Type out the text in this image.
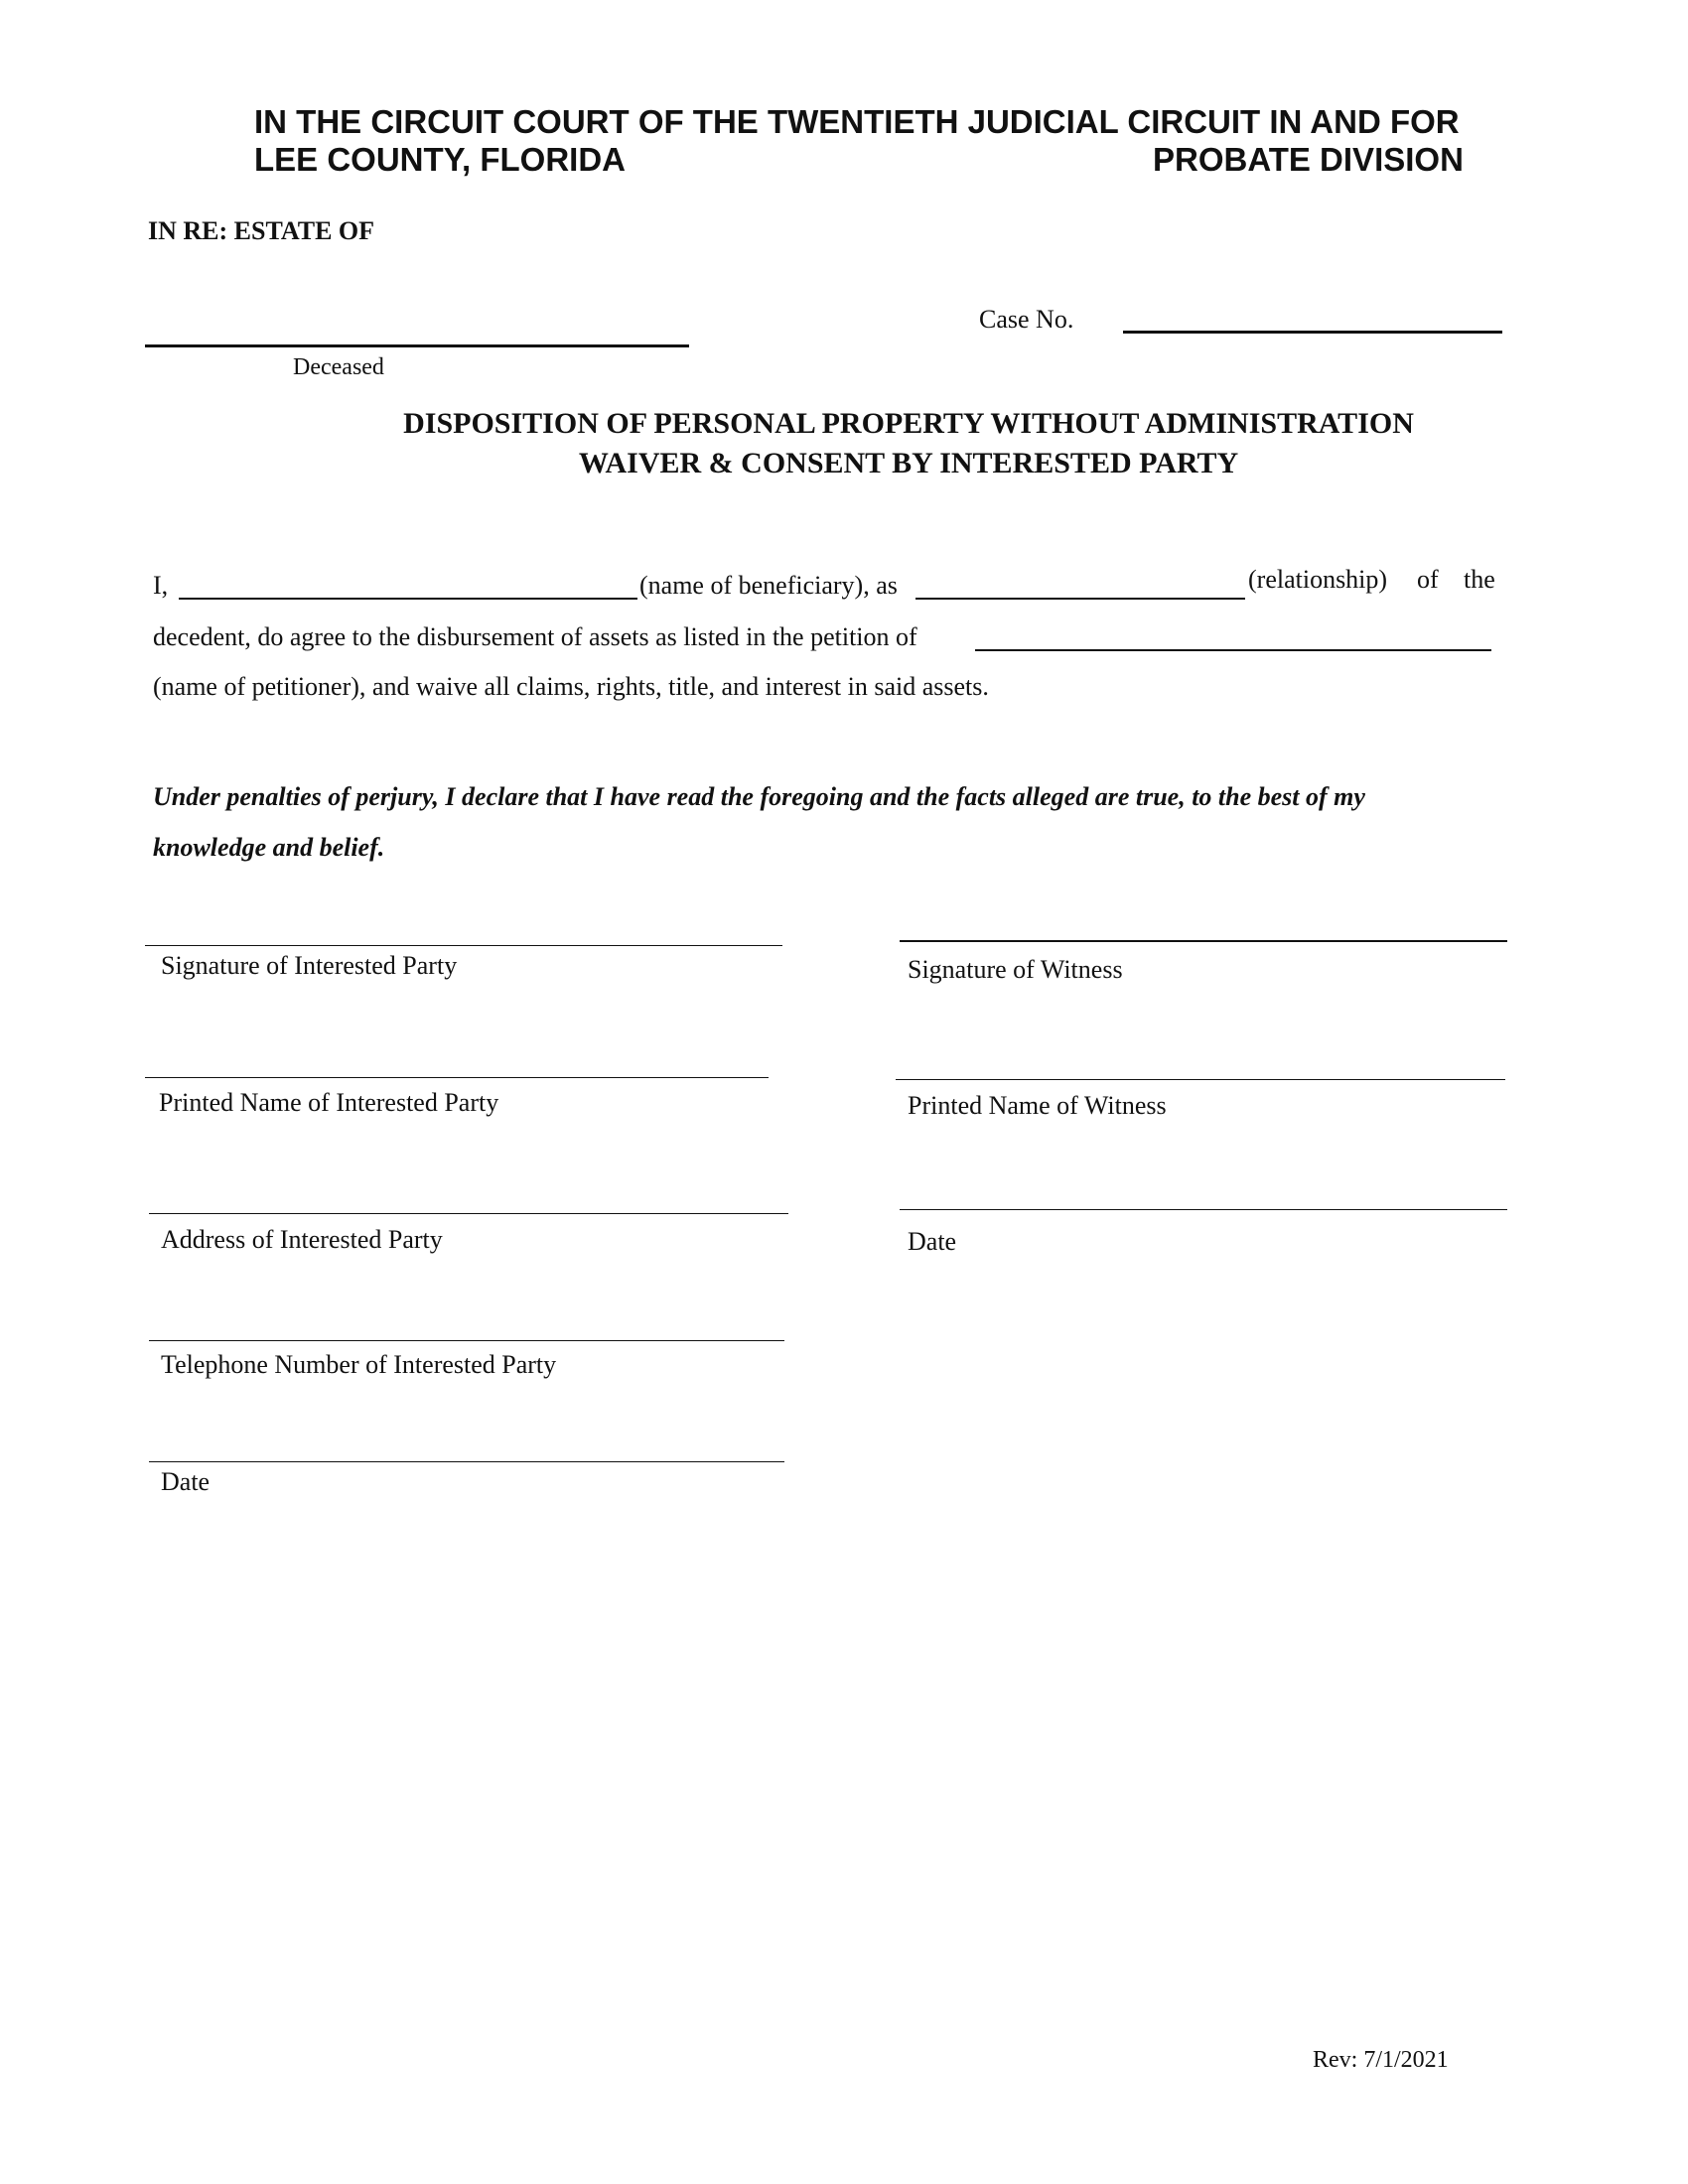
IN THE CIRCUIT COURT OF THE TWENTIETH JUDICIAL CIRCUIT IN AND FOR
LEE COUNTY, FLORIDA	PROBATE DIVISION
IN RE: ESTATE OF
Deceased
Case No.
DISPOSITION OF PERSONAL PROPERTY WITHOUT ADMINISTRATION
WAIVER & CONSENT BY INTERESTED PARTY
I,	(name of beneficiary), as	(relationship) of the
decedent, do agree to the disbursement of assets as listed in the petition of
(name of petitioner), and waive all claims, rights, title, and interest in said assets.
Under penalties of perjury, I declare that I have read the foregoing and the facts alleged are true, to the best of my
knowledge and belief.
Signature of Interested Party
Printed Name of Interested Party
Address of Interested Party
Telephone Number of Interested Party
Date
Signature of Witness
Printed Name of Witness
Date
Rev: 7/1/2021
